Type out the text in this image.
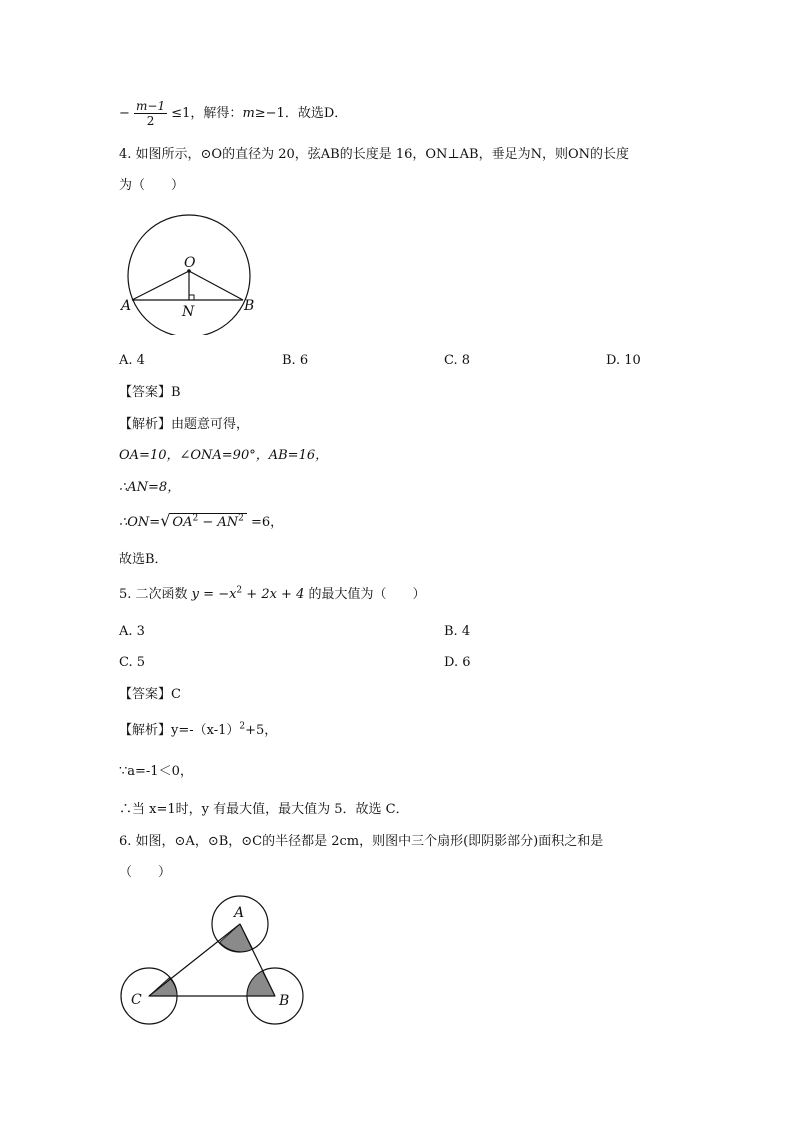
− $\frac{m-1}{2} \le 1$，解得：m≥−1．故选D．
4. 如图所示，⊙O的直径为 20，弦AB的长度是 16，ON⊥AB，垂足为N，则ON的长度
为（　　）
O
A	B
N
A. 4	B. 6	C. 8	D. 10
【答案】B
【解析】由题意可得，
OA=10，∠ONA=90°，AB=16，
∴AN=8，
∴ON=√ $OA^2 - AN^2 =6$，
故选B．
5. 二次函数 $y = -x^2 + 2x + 4$ 的最大值为（　　）
A. 3	B. 4
C. 5	D. 6
【答案】C
【解析】$y=-(x-1)^2+5$，
∵a=-1＜0，
∴当 x=1时，y 有最大值，最大值为 5．故选 C．
6. 如图，⊙A，⊙B，⊙C的半径都是 2cm，则图中三个扇形(即阴影部分)面积之和是
（　　）
A
B
C
